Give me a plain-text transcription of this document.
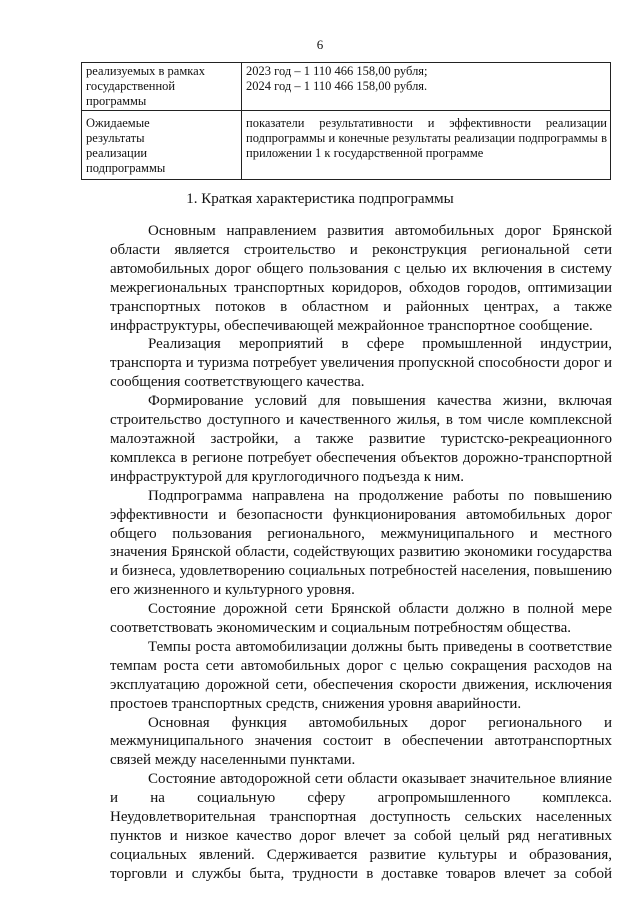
6
реализуемых в рамках
государственной
программы	2023 год – 1 110 466 158,00 рубля;
2024 год – 1 110 466 158,00 рубля.

Ожидаемые
результаты
реализации
подпрограммы	показатели результативности и эффективности реализации подпрограммы и конечные результаты реализации подпрограммы в приложении 1 к государственной программе
1. Краткая характеристика подпрограммы

Основным направлением развития автомобильных дорог Брянской области является строительство и реконструкция региональной сети автомобильных дорог общего пользования с целью их включения в систему межрегиональных транспортных коридоров, обходов городов, оптимизации транспортных потоков в областном и районных центрах, а также инфраструктуры, обеспечивающей межрайонное транспортное сообщение.

Реализация мероприятий в сфере промышленной индустрии, транспорта и туризма потребует увеличения пропускной способности дорог и сообщения соответствующего качества.

Формирование условий для повышения качества жизни, включая строительство доступного и качественного жилья, в том числе комплексной малоэтажной застройки, а также развитие туристско-рекреационного комплекса в регионе потребует обеспечения объектов дорожно-транспортной инфраструктурой для круглогодичного подъезда к ним.

Подпрограмма направлена на продолжение работы по повышению эффективности и безопасности функционирования автомобильных дорог общего пользования регионального, межмуниципального и местного значения Брянской области, содействующих развитию экономики государства и бизнеса, удовлетворению социальных потребностей населения, повышению его жизненного и культурного уровня.

Состояние дорожной сети Брянской области должно в полной мере соответствовать экономическим и социальным потребностям общества.

Темпы роста автомобилизации должны быть приведены в соответствие темпам роста сети автомобильных дорог с целью сокращения расходов на эксплуатацию дорожной сети, обеспечения скорости движения, исключения простоев транспортных средств, снижения уровня аварийности.

Основная функция автомобильных дорог регионального и межмуниципального значения состоит в обеспечении автотранспортных связей между населенными пунктами.

Состояние автодорожной сети области оказывает значительное влияние и на социальную сферу агропромышленного комплекса. Неудовлетворительная транспортная доступность сельских населенных пунктов и низкое качество дорог влечет за собой целый ряд негативных социальных явлений. Сдерживается развитие культуры и образования, торговли и службы быта, трудности в доставке товаров влечет за собой
